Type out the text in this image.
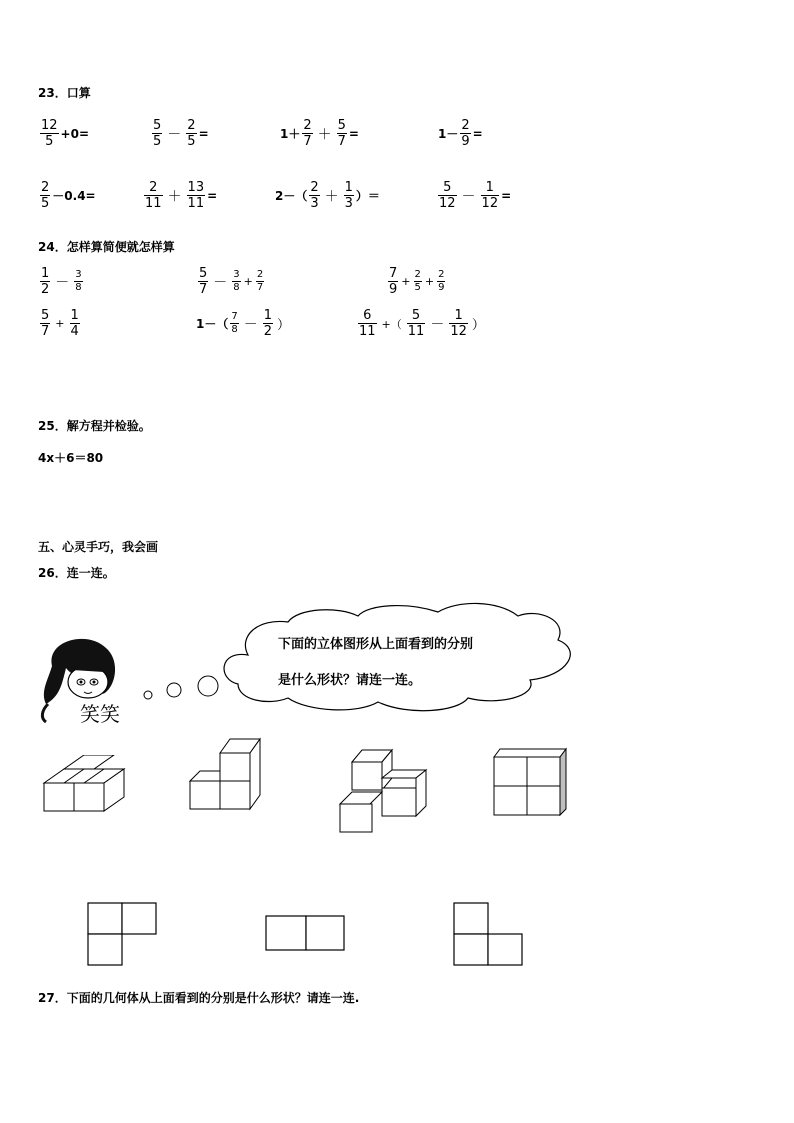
23．口算
$\frac{12}{5} +0=$	$\frac{5}{5} - \frac{2}{5}$ =	$1+ \frac{2}{7} + \frac{5}{7}$ =	$1- \frac{2}{9}$ =
$\frac{2}{5} -0.4=$	$\frac{2}{11} + \frac{13}{11}$ =	$2-( \frac{2}{3} + \frac{1}{3}$ ）＝	$\frac{5}{12} - \frac{1}{12}$ =
24．怎样算简便就怎样算
$\frac{1}{2} - \frac{3}{8}$	$\frac{5}{7} - \frac{3}{8} + \frac{2}{7}$	$\frac{7}{9} + \frac{2}{5} + \frac{2}{9}$
$\frac{5}{7} + \frac{1}{4}$	$1-( \frac{7}{8} - \frac{1}{2}$ ）	$\frac{6}{11}$ +（ $\frac{5}{11} - \frac{1}{12}$ ）
25．解方程并检验。
4x＋6＝80
五、心灵手巧，我会画
26．连一连。
笑笑
下面的立体图形从上面看到的分别
是什么形状？请连一连。
27．下面的几何体从上面看到的分别是什么形状？请连一连.
